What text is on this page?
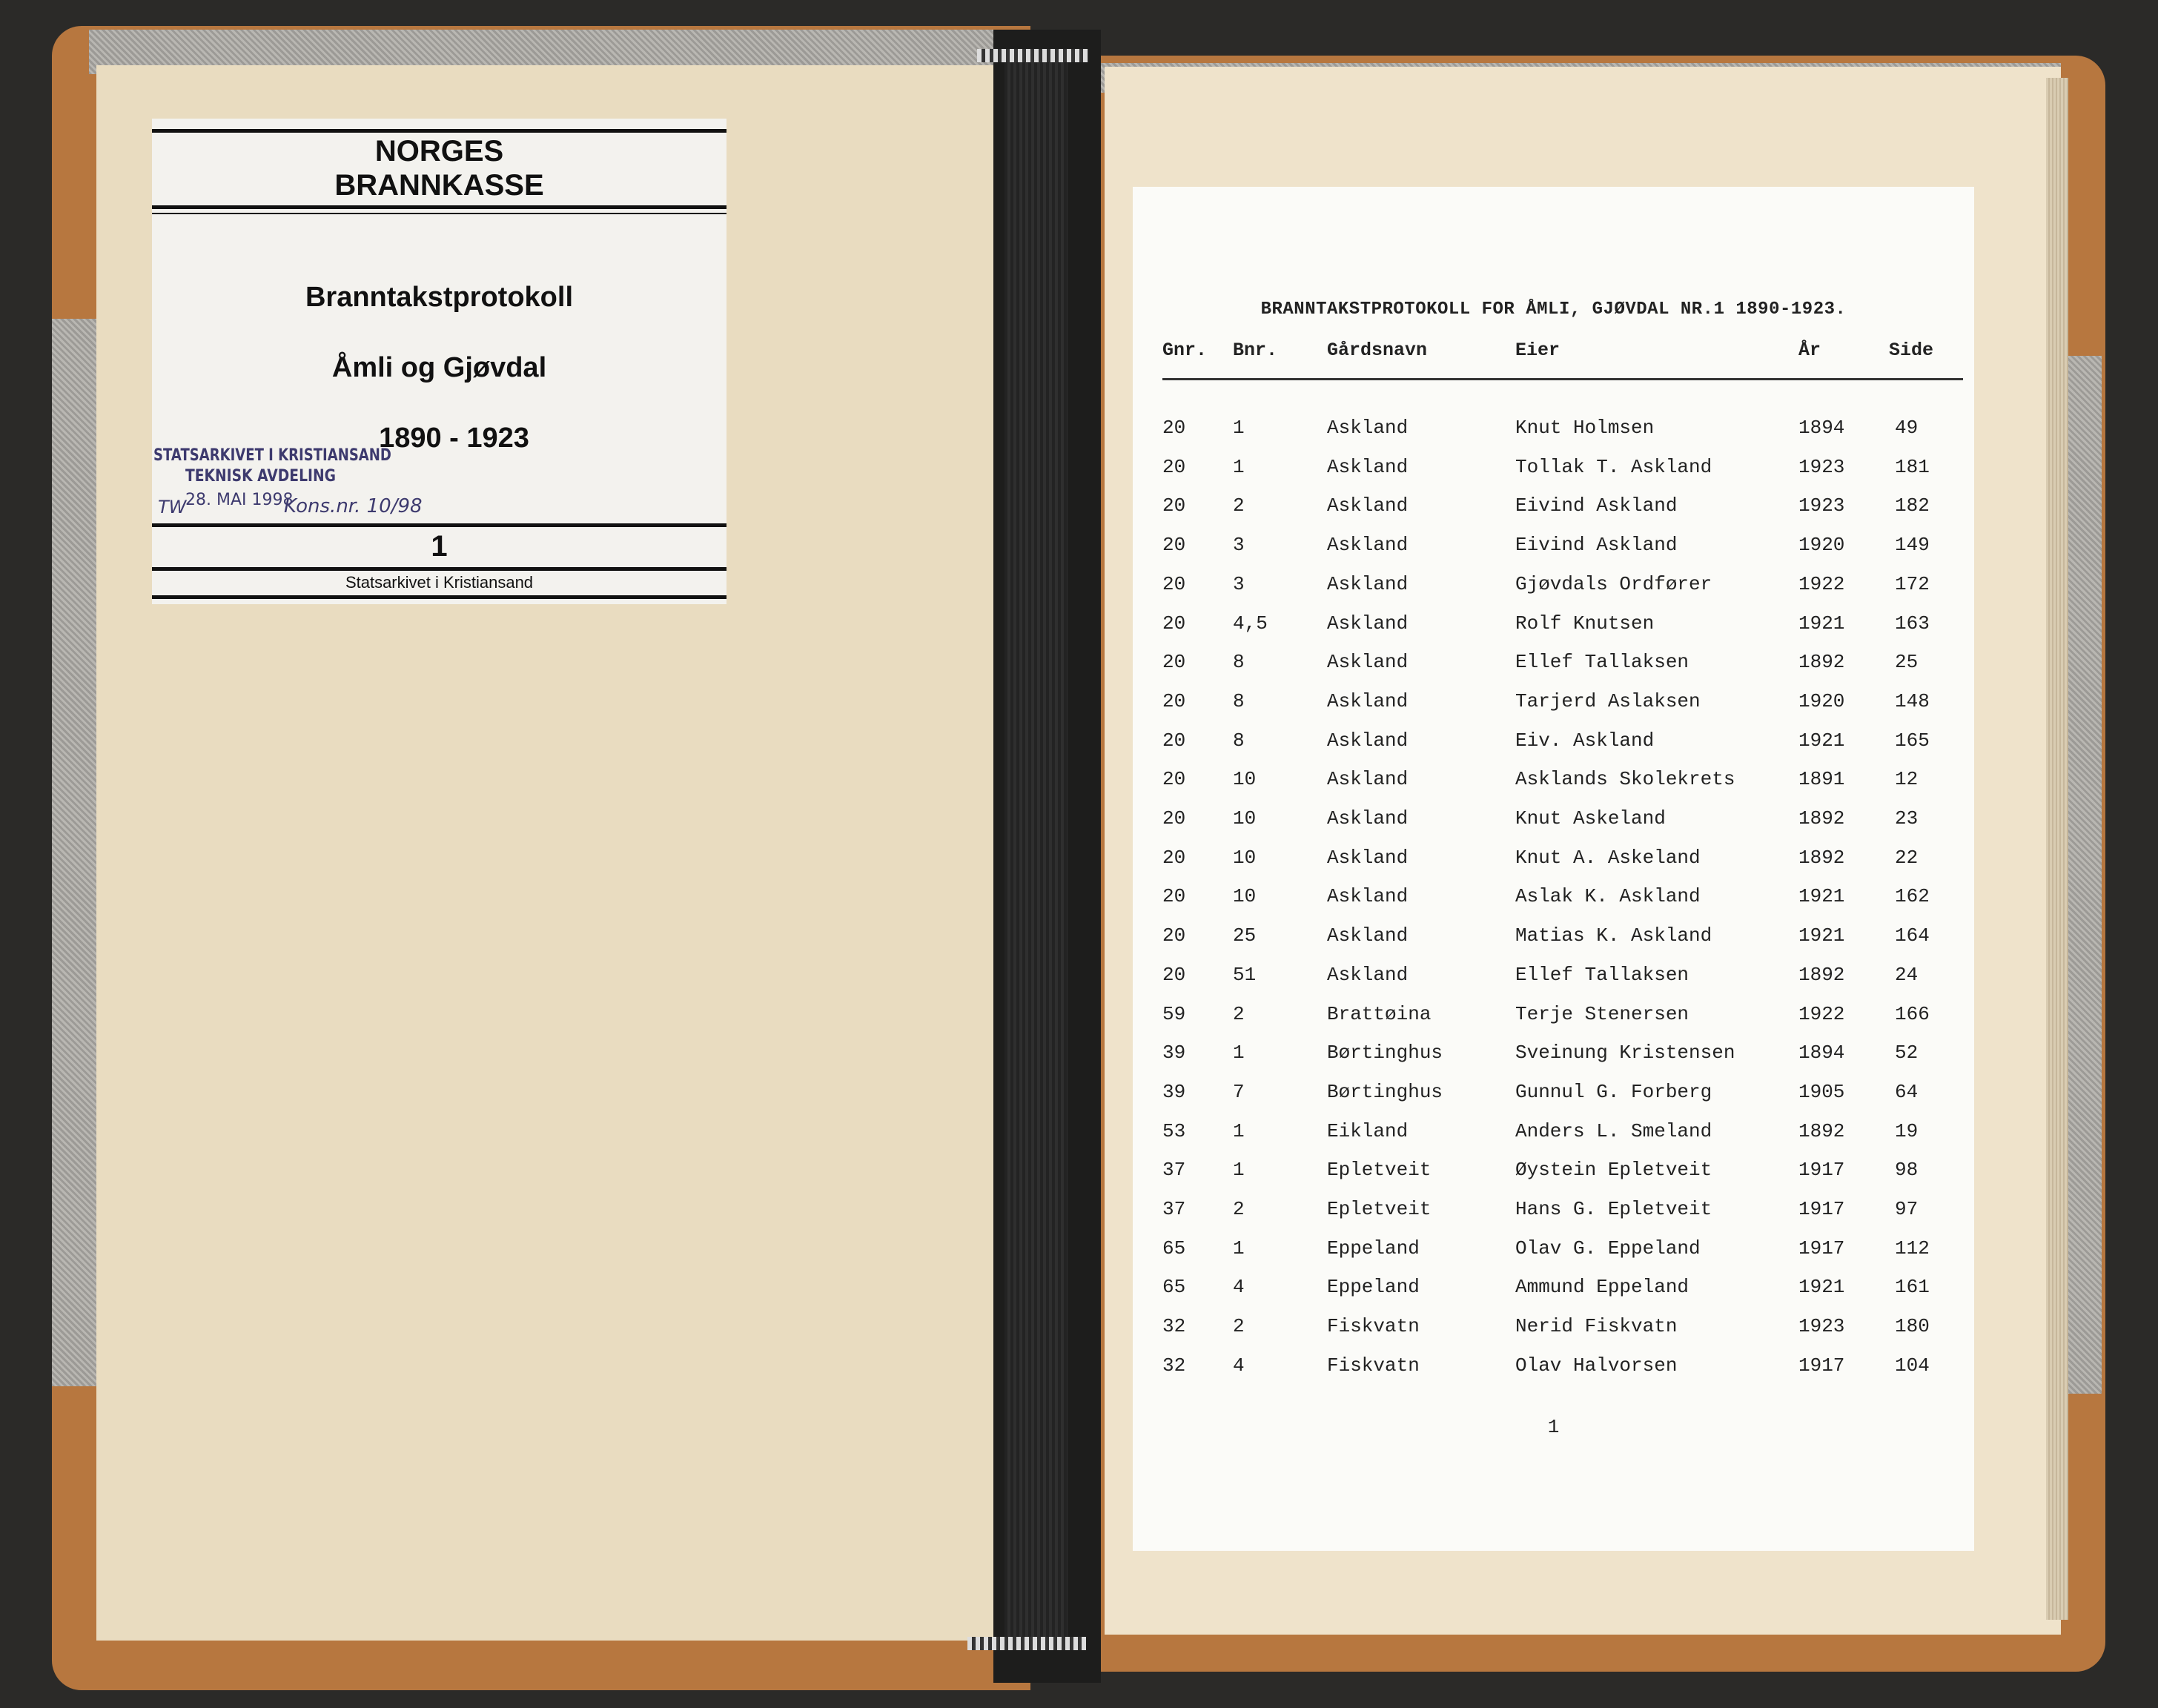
NORGES
BRANNKASSE
Branntakstprotokoll
Åmli og Gjøvdal
1890 - 1923
STATSARKIVET I KRISTIANSAND
TEKNISK AVDELING
28. MAI 1998
TW	Kons.nr. 10/98
1
Statsarkivet i Kristiansand
BRANNTAKSTPROTOKOLL FOR ÅMLI, GJØVDAL NR.1 1890-1923.
Gnr. Bnr.	Gårdsnavn	Eier	År	Side
20 1	Askland	Knut Holmsen	1894	49
20 1	Askland	Tollak T. Askland	1923	181
20 2	Askland	Eivind Askland	1923	182
20 3	Askland	Eivind Askland	1920	149
20 3	Askland	Gjøvdals Ordfører	1922	172
20 4,5	Askland	Rolf Knutsen	1921	163
20 8	Askland	Ellef Tallaksen	1892	25
20 8	Askland	Tarjerd Aslaksen	1920	148
20 8	Askland	Eiv. Askland	1921	165
20 10	Askland	Asklands Skolekrets	1891	12
20 10	Askland	Knut Askeland	1892	23
20 10	Askland	Knut A. Askeland	1892	22
20 10	Askland	Aslak K. Askland	1921	162
20 25	Askland	Matias K. Askland	1921	164
20 51	Askland	Ellef Tallaksen	1892	24
59 2	Brattøina	Terje Stenersen	1922	166
39 1	Børtinghus	Sveinung Kristensen	1894	52
39 7	Børtinghus	Gunnul G. Forberg	1905	64
53 1	Eikland	Anders L. Smeland	1892	19
37 1	Epletveit	Øystein Epletveit	1917	98
37 2	Epletveit	Hans G. Epletveit	1917	97
65 1	Eppeland	Olav G. Eppeland	1917	112
65 4	Eppeland	Ammund Eppeland	1921	161
32 2	Fiskvatn	Nerid Fiskvatn	1923	180
32 4	Fiskvatn	Olav Halvorsen	1917	104
1
